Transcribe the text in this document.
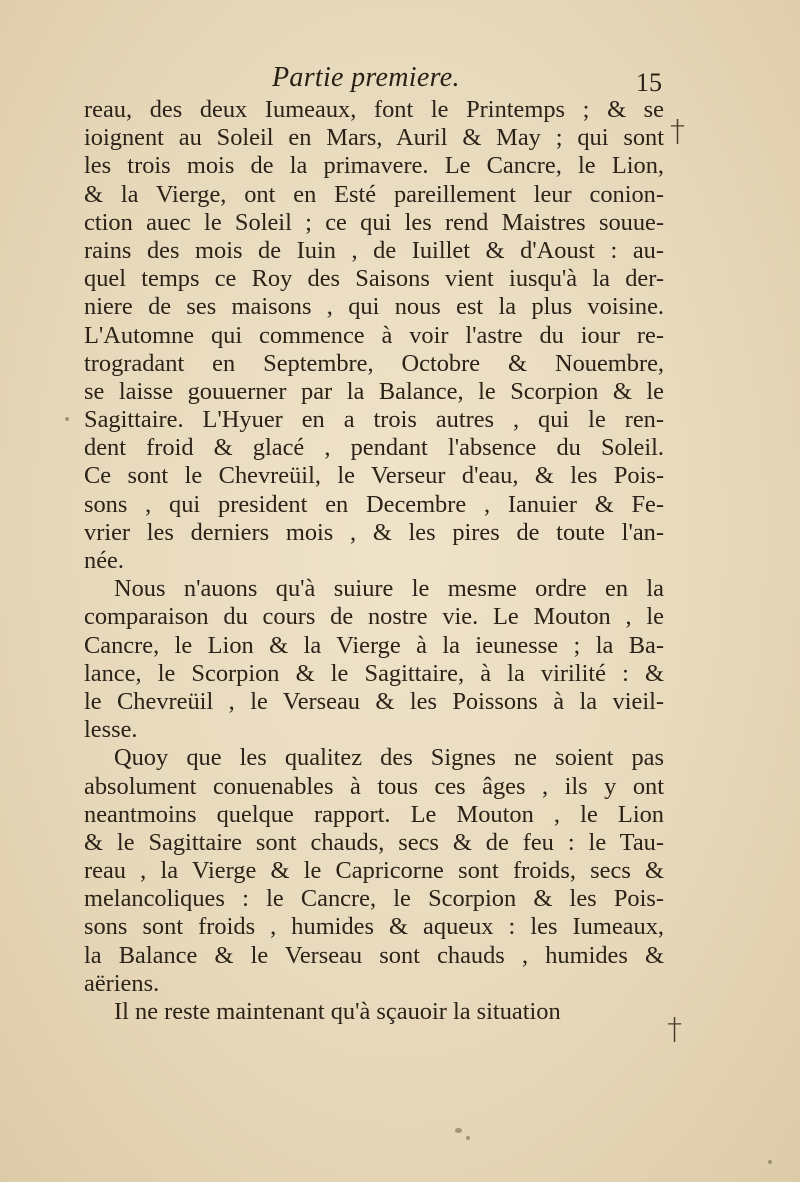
Partie premiere.	15
†
†
reau, des deux Iumeaux, font le Printemps ; & se
ioignent au Soleil en Mars, Auril & May ; qui sont
les trois mois de la primavere. Le Cancre, le Lion,
& la Vierge, ont en Esté pareillement leur conion-
ction auec le Soleil ; ce qui les rend Maistres souue-
rains des mois de Iuin , de Iuillet & d'Aoust : au-
quel temps ce Roy des Saisons vient iusqu'à la der-
niere de ses maisons , qui nous est la plus voisine.
L'Automne qui commence à voir l'astre du iour re-
trogradant en Septembre, Octobre & Nouembre,
se laisse gouuerner par la Balance, le Scorpion & le
Sagittaire. L'Hyuer en a trois autres , qui le ren-
dent froid & glacé , pendant l'absence du Soleil.
Ce sont le Chevreüil, le Verseur d'eau, & les Pois-
sons , qui president en Decembre , Ianuier & Fe-
vrier les derniers mois , & les pires de toute l'an-
née.
Nous n'auons qu'à suiure le mesme ordre en la
comparaison du cours de nostre vie. Le Mouton , le
Cancre, le Lion & la Vierge à la ieunesse ; la Ba-
lance, le Scorpion & le Sagittaire, à la virilité : &
le Chevreüil , le Verseau & les Poissons à la vieil-
lesse.
Quoy que les qualitez des Signes ne soient pas
absolument conuenables à tous ces âges , ils y ont
neantmoins quelque rapport. Le Mouton , le Lion
& le Sagittaire sont chauds, secs & de feu : le Tau-
reau , la Vierge & le Capricorne sont froids, secs &
melancoliques : le Cancre, le Scorpion & les Pois-
sons sont froids , humides & aqueux : les Iumeaux,
la Balance & le Verseau sont chauds , humides &
aëriens.
Il ne reste maintenant qu'à sçauoir la situation
